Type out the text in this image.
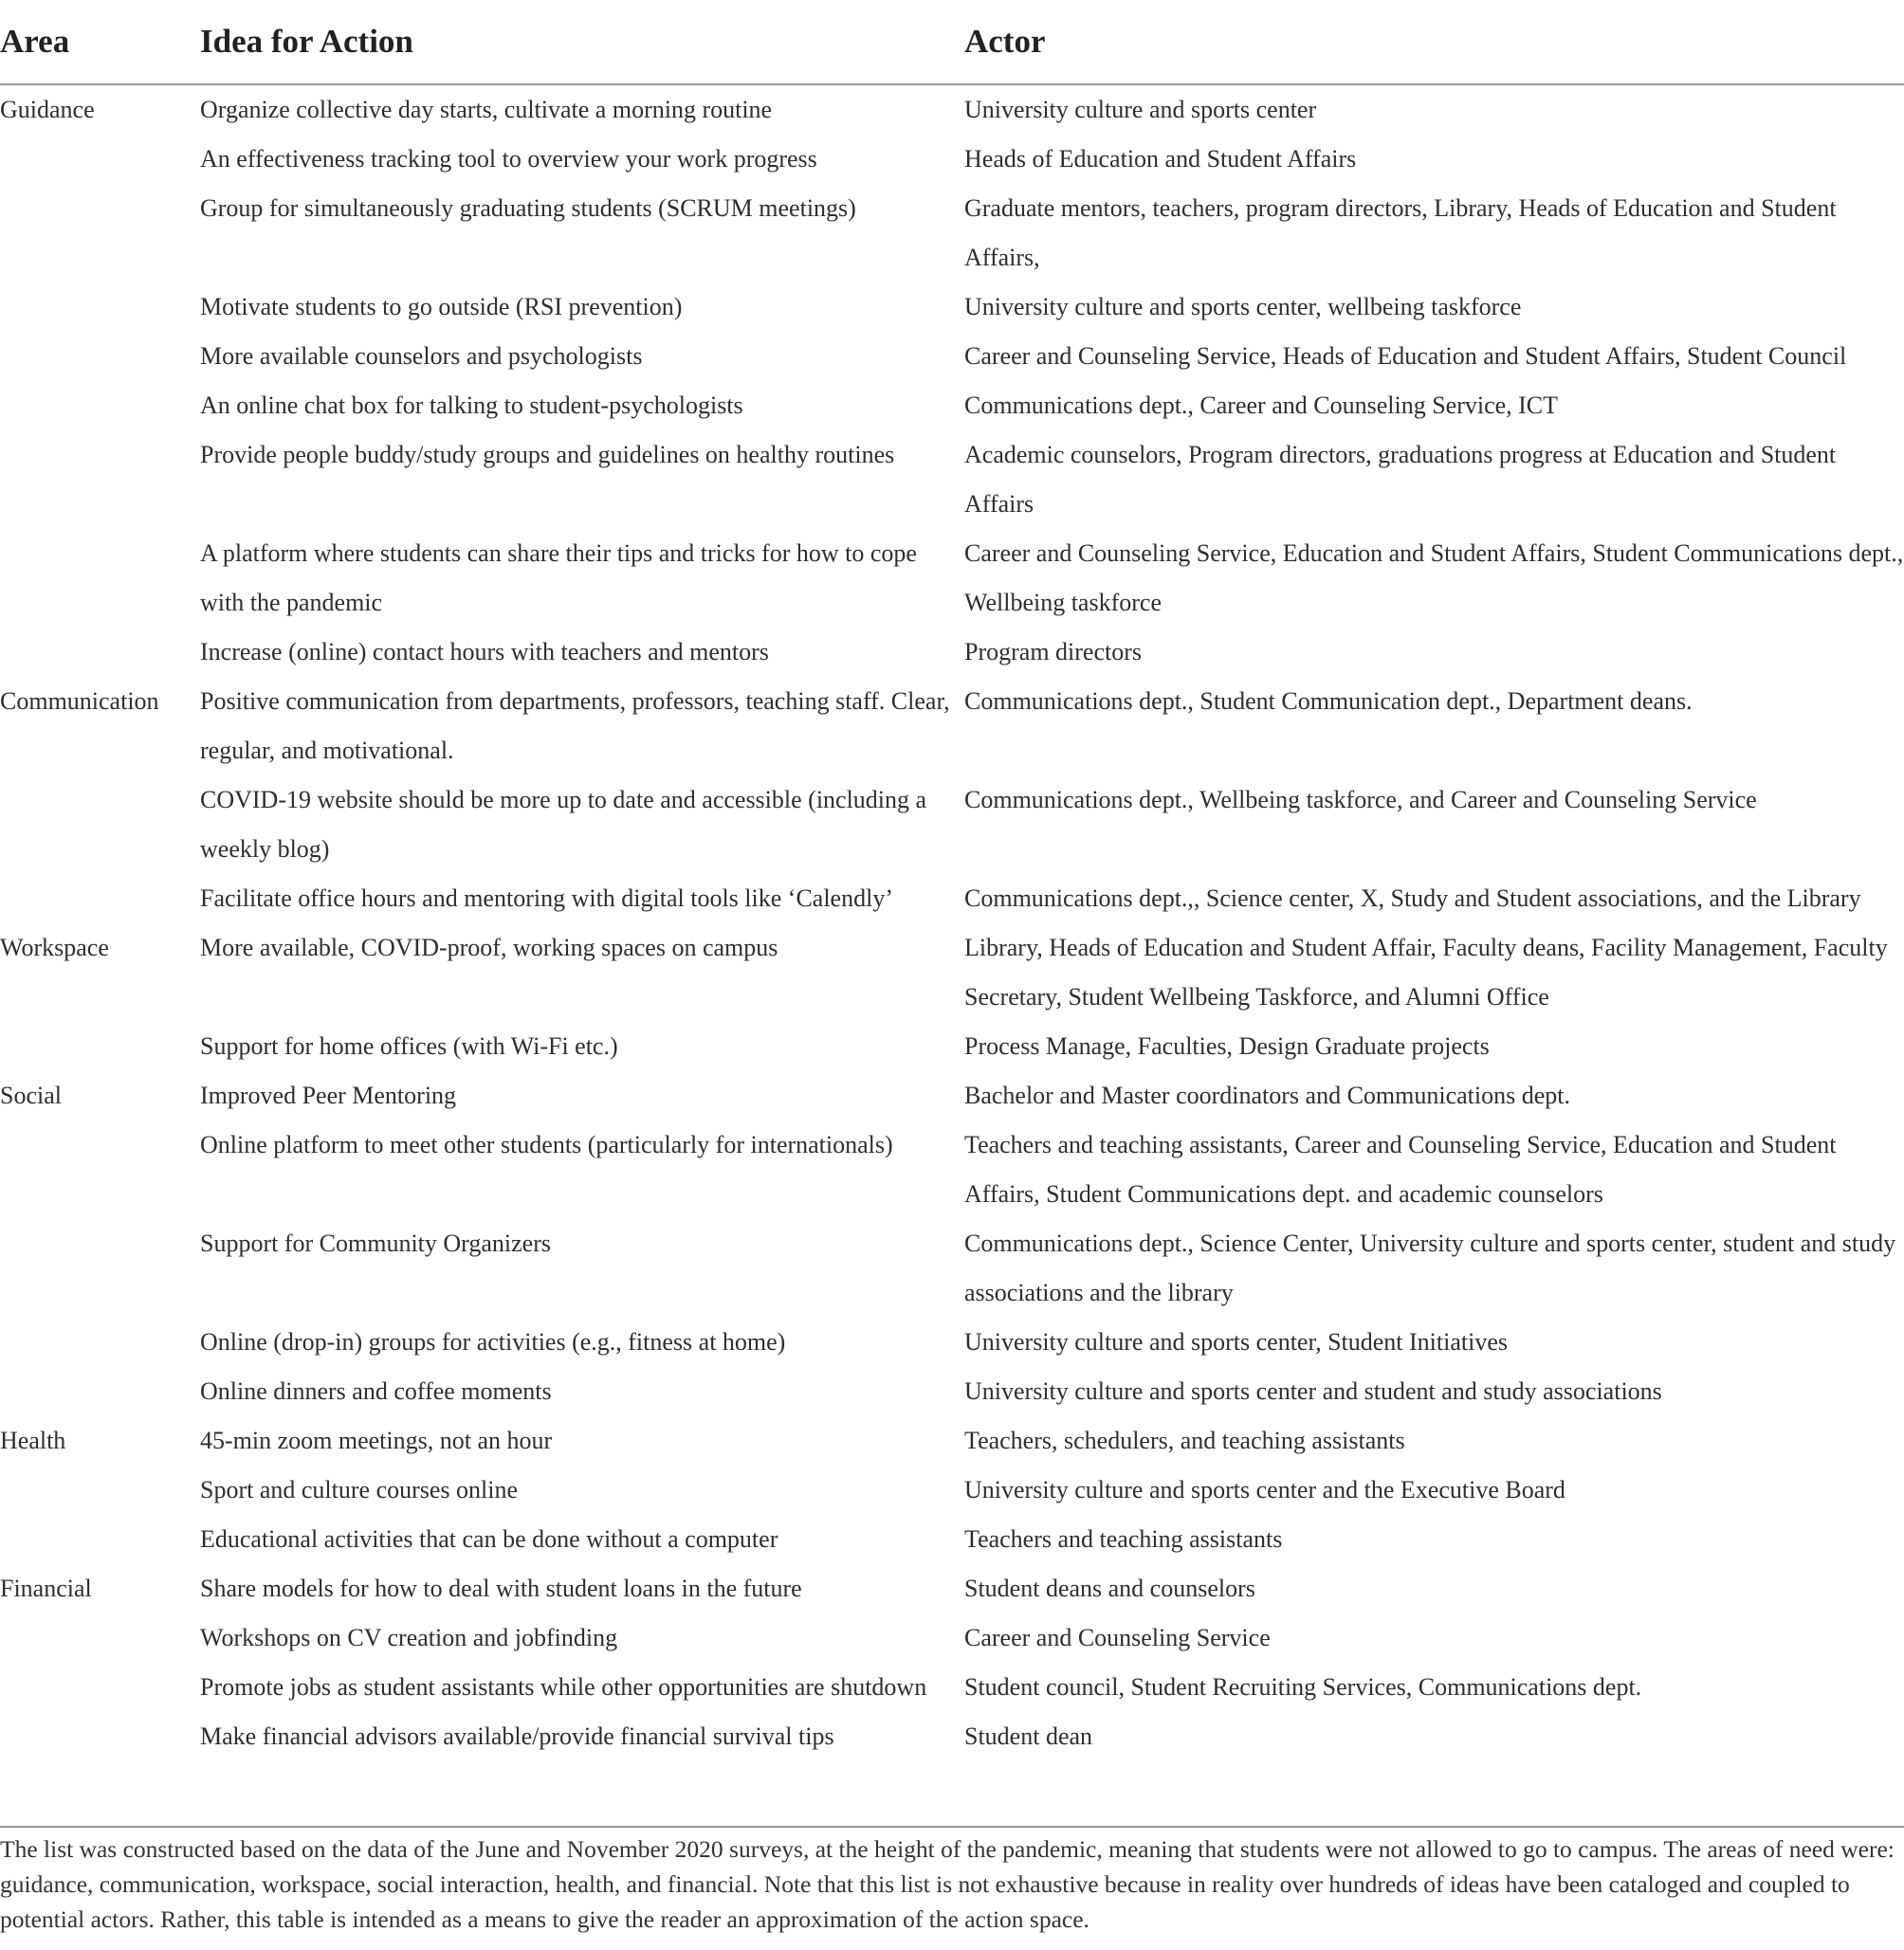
Area	Idea for Action	Actor
Guidance	Organize collective day starts, cultivate a morning routine	University culture and sports center
	An effectiveness tracking tool to overview your work progress	Heads of Education and Student Affairs
	Group for simultaneously graduating students (SCRUM meetings)	Graduate mentors, teachers, program directors, Library, Heads of Education and Student Affairs,
	Motivate students to go outside (RSI prevention)	University culture and sports center, wellbeing taskforce
	More available counselors and psychologists	Career and Counseling Service, Heads of Education and Student Affairs, Student Council
	An online chat box for talking to student-psychologists	Communications dept., Career and Counseling Service, ICT
	Provide people buddy/study groups and guidelines on healthy routines	Academic counselors, Program directors, graduations progress at Education and Student Affairs
	A platform where students can share their tips and tricks for how to cope with the pandemic	Career and Counseling Service, Education and Student Affairs, Student Communications dept., Wellbeing taskforce
	Increase (online) contact hours with teachers and mentors	Program directors
Communication	Positive communication from departments, professors, teaching staff. Clear, regular, and motivational.	Communications dept., Student Communication dept., Department deans.
	COVID-19 website should be more up to date and accessible (including a weekly blog)	Communications dept., Wellbeing taskforce, and Career and Counseling Service
	Facilitate office hours and mentoring with digital tools like ‘Calendly’	Communications dept.,, Science center, X, Study and Student associations, and the Library
Workspace	More available, COVID-proof, working spaces on campus	Library, Heads of Education and Student Affair, Faculty deans, Facility Management, Faculty Secretary, Student Wellbeing Taskforce, and Alumni Office
	Support for home offices (with Wi-Fi etc.)	Process Manage, Faculties, Design Graduate projects
Social	Improved Peer Mentoring	Bachelor and Master coordinators and Communications dept.
	Online platform to meet other students (particularly for internationals)	Teachers and teaching assistants, Career and Counseling Service, Education and Student Affairs, Student Communications dept. and academic counselors
	Support for Community Organizers	Communications dept., Science Center, University culture and sports center, student and study associations and the library
	Online (drop-in) groups for activities (e.g., fitness at home)	University culture and sports center, Student Initiatives
	Online dinners and coffee moments	University culture and sports center and student and study associations
Health	45-min zoom meetings, not an hour	Teachers, schedulers, and teaching assistants
	Sport and culture courses online	University culture and sports center and the Executive Board
	Educational activities that can be done without a computer	Teachers and teaching assistants
Financial	Share models for how to deal with student loans in the future	Student deans and counselors
	Workshops on CV creation and jobfinding	Career and Counseling Service
	Promote jobs as student assistants while other opportunities are shutdown	Student council, Student Recruiting Services, Communications dept.
	Make financial advisors available/provide financial survival tips	Student dean
The list was constructed based on the data of the June and November 2020 surveys, at the height of the pandemic, meaning that students were not allowed to go to campus. The areas of need were: guidance, communication, workspace, social interaction, health, and financial. Note that this list is not exhaustive because in reality over hundreds of ideas have been cataloged and coupled to potential actors. Rather, this table is intended as a means to give the reader an approximation of the action space.
